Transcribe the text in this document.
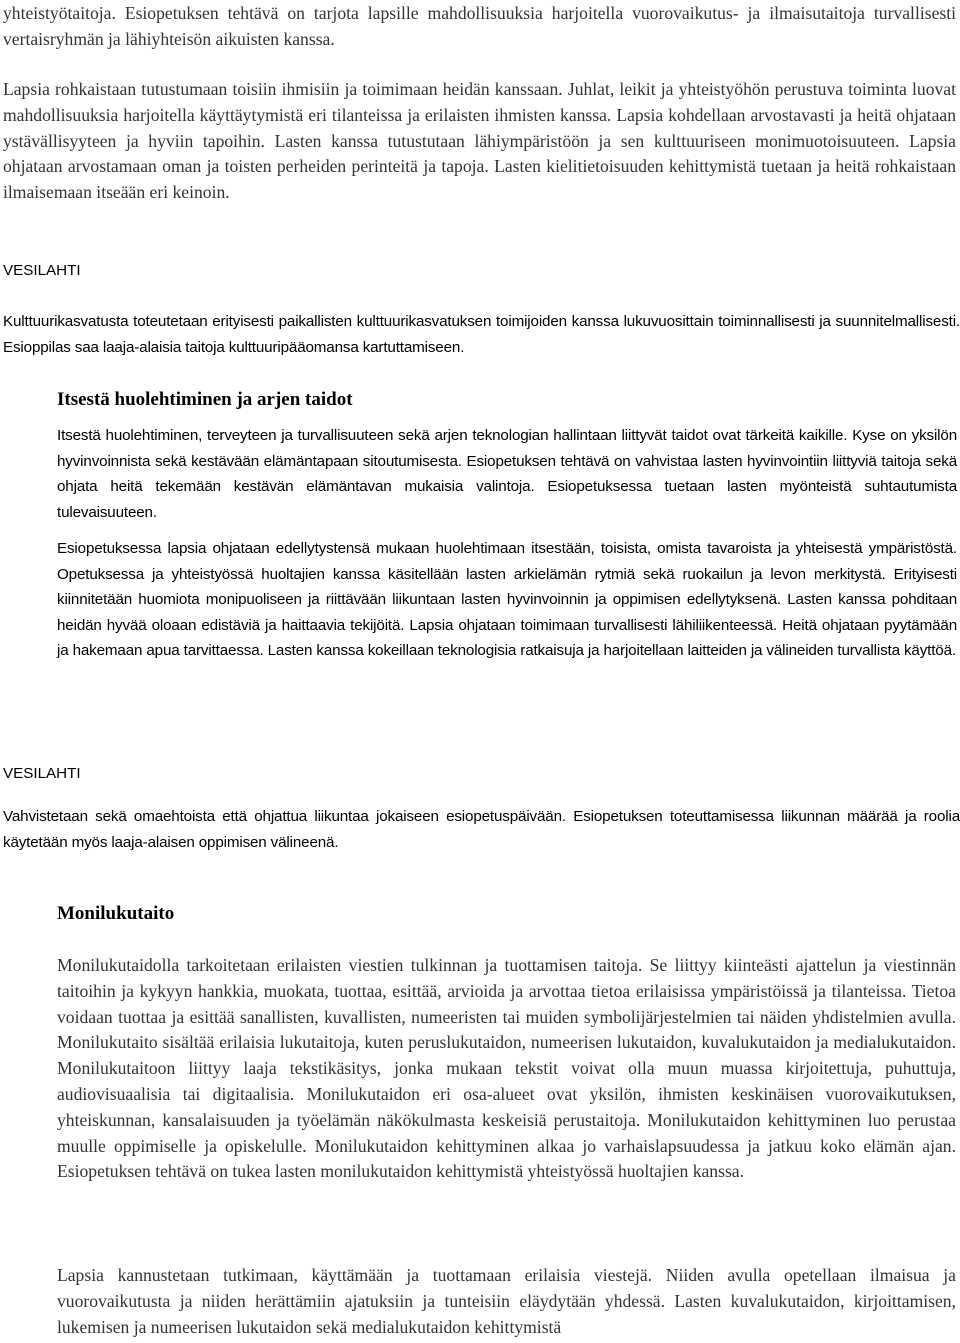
yhteistyötaitoja. Esiopetuksen tehtävä on tarjota lapsille mahdollisuuksia harjoitella vuorovaikutus- ja ilmaisutaitoja turvallisesti vertaisryhmän ja lähiyhteisön aikuisten kanssa.

Lapsia rohkaistaan tutustumaan toisiin ihmisiin ja toimimaan heidän kanssaan. Juhlat, leikit ja yhteistyöhön perustuva toiminta luovat mahdollisuuksia harjoitella käyttäytymistä eri tilanteissa ja erilaisten ihmisten kanssa. Lapsia kohdellaan arvostavasti ja heitä ohjataan ystävällisyyteen ja hyviin tapoihin. Lasten kanssa tutustutaan lähiympäristöön ja sen kulttuuriseen monimuotoisuuteen. Lapsia ohjataan arvostamaan oman ja toisten perheiden perinteitä ja tapoja. Lasten kielitietoisuuden kehittymistä tuetaan ja heitä rohkaistaan ilmaisemaan itseään eri keinoin.

VESILAHTI

Kulttuurikasvatusta toteutetaan erityisesti paikallisten kulttuurikasvatuksen toimijoiden kanssa lukuvuosittain toiminnallisesti ja suunnitelmallisesti. Esioppilas saa laaja-alaisia taitoja kulttuuripääomansa kartuttamiseen.

Itsestä huolehtiminen ja arjen taidot

Itsestä huolehtiminen, terveyteen ja turvallisuuteen sekä arjen teknologian hallintaan liittyvät taidot ovat tärkeitä kaikille. Kyse on yksilön hyvinvoinnista sekä kestävään elämäntapaan sitoutumisesta. Esiopetuksen tehtävä on vahvistaa lasten hyvinvointiin liittyviä taitoja sekä ohjata heitä tekemään kestävän elämäntavan mukaisia valintoja. Esiopetuksessa tuetaan lasten myönteistä suhtautumista tulevaisuuteen.

Esiopetuksessa lapsia ohjataan edellytystensä mukaan huolehtimaan itsestään, toisista, omista tavaroista ja yhteisestä ympäristöstä. Opetuksessa ja yhteistyössä huoltajien kanssa käsitellään lasten arkielämän rytmiä sekä ruokailun ja levon merkitystä. Erityisesti kiinnitetään huomiota monipuoliseen ja riittävään liikuntaan lasten hyvinvoinnin ja oppimisen edellytyksenä. Lasten kanssa pohditaan heidän hyvää oloaan edistäviä ja haittaavia tekijöitä. Lapsia ohjataan toimimaan turvallisesti lähiliikenteessä. Heitä ohjataan pyytämään ja hakemaan apua tarvittaessa. Lasten kanssa kokeillaan teknologisia ratkaisuja ja harjoitellaan laitteiden ja välineiden turvallista käyttöä.

VESILAHTI

Vahvistetaan sekä omaehtoista että ohjattua liikuntaa jokaiseen esiopetuspäivään. Esiopetuksen toteuttamisessa liikunnan määrää ja roolia käytetään myös laaja-alaisen oppimisen välineenä.

Monilukutaito

Monilukutaidolla tarkoitetaan erilaisten viestien tulkinnan ja tuottamisen taitoja. Se liittyy kiinteästi ajattelun ja viestinnän taitoihin ja kykyyn hankkia, muokata, tuottaa, esittää, arvioida ja arvottaa tietoa erilaisissa ympäristöissä ja tilanteissa. Tietoa voidaan tuottaa ja esittää sanallisten, kuvallisten, numeeristen tai muiden symbolijärjestelmien tai näiden yhdistelmien avulla. Monilukutaito sisältää erilaisia lukutaitoja, kuten peruslukutaidon, numeerisen lukutaidon, kuvalukutaidon ja medialukutaidon. Monilukutaitoon liittyy laaja tekstikäsitys, jonka mukaan tekstit voivat olla muun muassa kirjoitettuja, puhuttuja, audiovisuaalisia tai digitaalisia. Monilukutaidon eri osa-alueet ovat yksilön, ihmisten keskinäisen vuorovaikutuksen, yhteiskunnan, kansalaisuuden ja työelämän näkökulmasta keskeisiä perustaitoja. Monilukutaidon kehittyminen luo perustaa muulle oppimiselle ja opiskelulle. Monilukutaidon kehittyminen alkaa jo varhaislapsuudessa ja jatkuu koko elämän ajan. Esiopetuksen tehtävä on tukea lasten monilukutaidon kehittymistä yhteistyössä huoltajien kanssa.

Lapsia kannustetaan tutkimaan, käyttämään ja tuottamaan erilaisia viestejä. Niiden avulla opetellaan ilmaisua ja vuorovaikutusta ja niiden herättämiin ajatuksiin ja tunteisiin eläydytään yhdessä. Lasten kuvalukutaidon, kirjoittamisen, lukemisen ja numeerisen lukutaidon sekä medialukutaidon kehittymistä
